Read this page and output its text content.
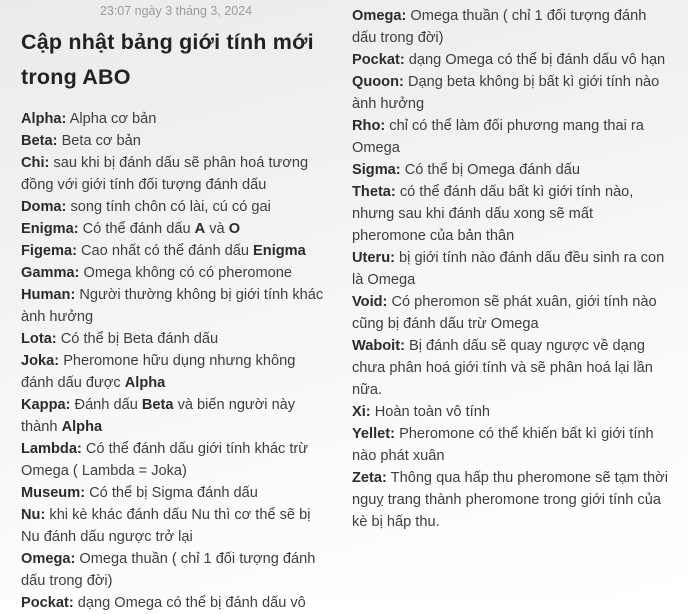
23:07 ngày 3 tháng 3, 2024
Cập nhật bảng giới tính mới trong ABO

Alpha: Alpha cơ bản

Beta: Beta cơ bản

Chi: sau khi bị đánh dấu sẽ phân hoá tương đồng với giới tính đối tượng đánh dấu

Doma: song tính chôn có lài, cú có gai

Enigma: Có thể đánh dấu A và O

Figema: Cao nhất có thể đánh dấu Enigma

Gamma: Omega không có có pheromone

Human: Người thường không bị giới tính khác ành hưởng

Lota: Có thể bị Beta đánh dấu

Joka: Pheromone hữu dụng nhưng không đánh dấu được Alpha

Kappa: Đánh dấu Beta và biến người này thành Alpha

Lambda: Có thể đánh dấu giới tính khác trừ Omega ( Lambda = Joka)

Museum: Có thể bị Sigma đánh dấu

Nu: khi kè khác đánh dấu Nu thì cơ thể sẽ bị Nu đánh dấu ngược trở lại

Omega: Omega thuần ( chỉ 1 đối tượng đánh dấu trong đời)

Pockat: dạng Omega có thể bị đánh dấu vô

Omega: Omega thuần ( chỉ 1 đối tượng đánh dấu trong đời)

Pockat: dạng Omega có thể bị đánh dấu vô hạn

Quoon: Dạng beta không bị bất kì giới tính nào ành hưởng

Rho: chỉ có thể làm đối phương mang thai ra Omega

Sigma: Có thể bị Omega đánh dấu

Theta: có thể đánh dấu bất kì giới tính nào, nhưng sau khi đánh dấu xong sẽ mất pheromone của bản thân

Uteru: bị giới tính nào đánh dấu đều sinh ra con là Omega

Void: Có pheromon sẽ phát xuân, giới tính nào cũng bị đánh dấu trừ Omega

Waboit: Bị đánh dấu sẽ quay ngược về dạng chưa phân hoá giới tính và sẽ phân hoá lại lần nữa.

Xi: Hoàn toàn vô tính

Yellet: Pheromone có thể khiến bất kì giới tính nào phát xuân

Zeta: Thông qua hấp thu pheromone sẽ tạm thời nguỵ trang thành pheromone trong giới tính của kè bị hấp thu.
